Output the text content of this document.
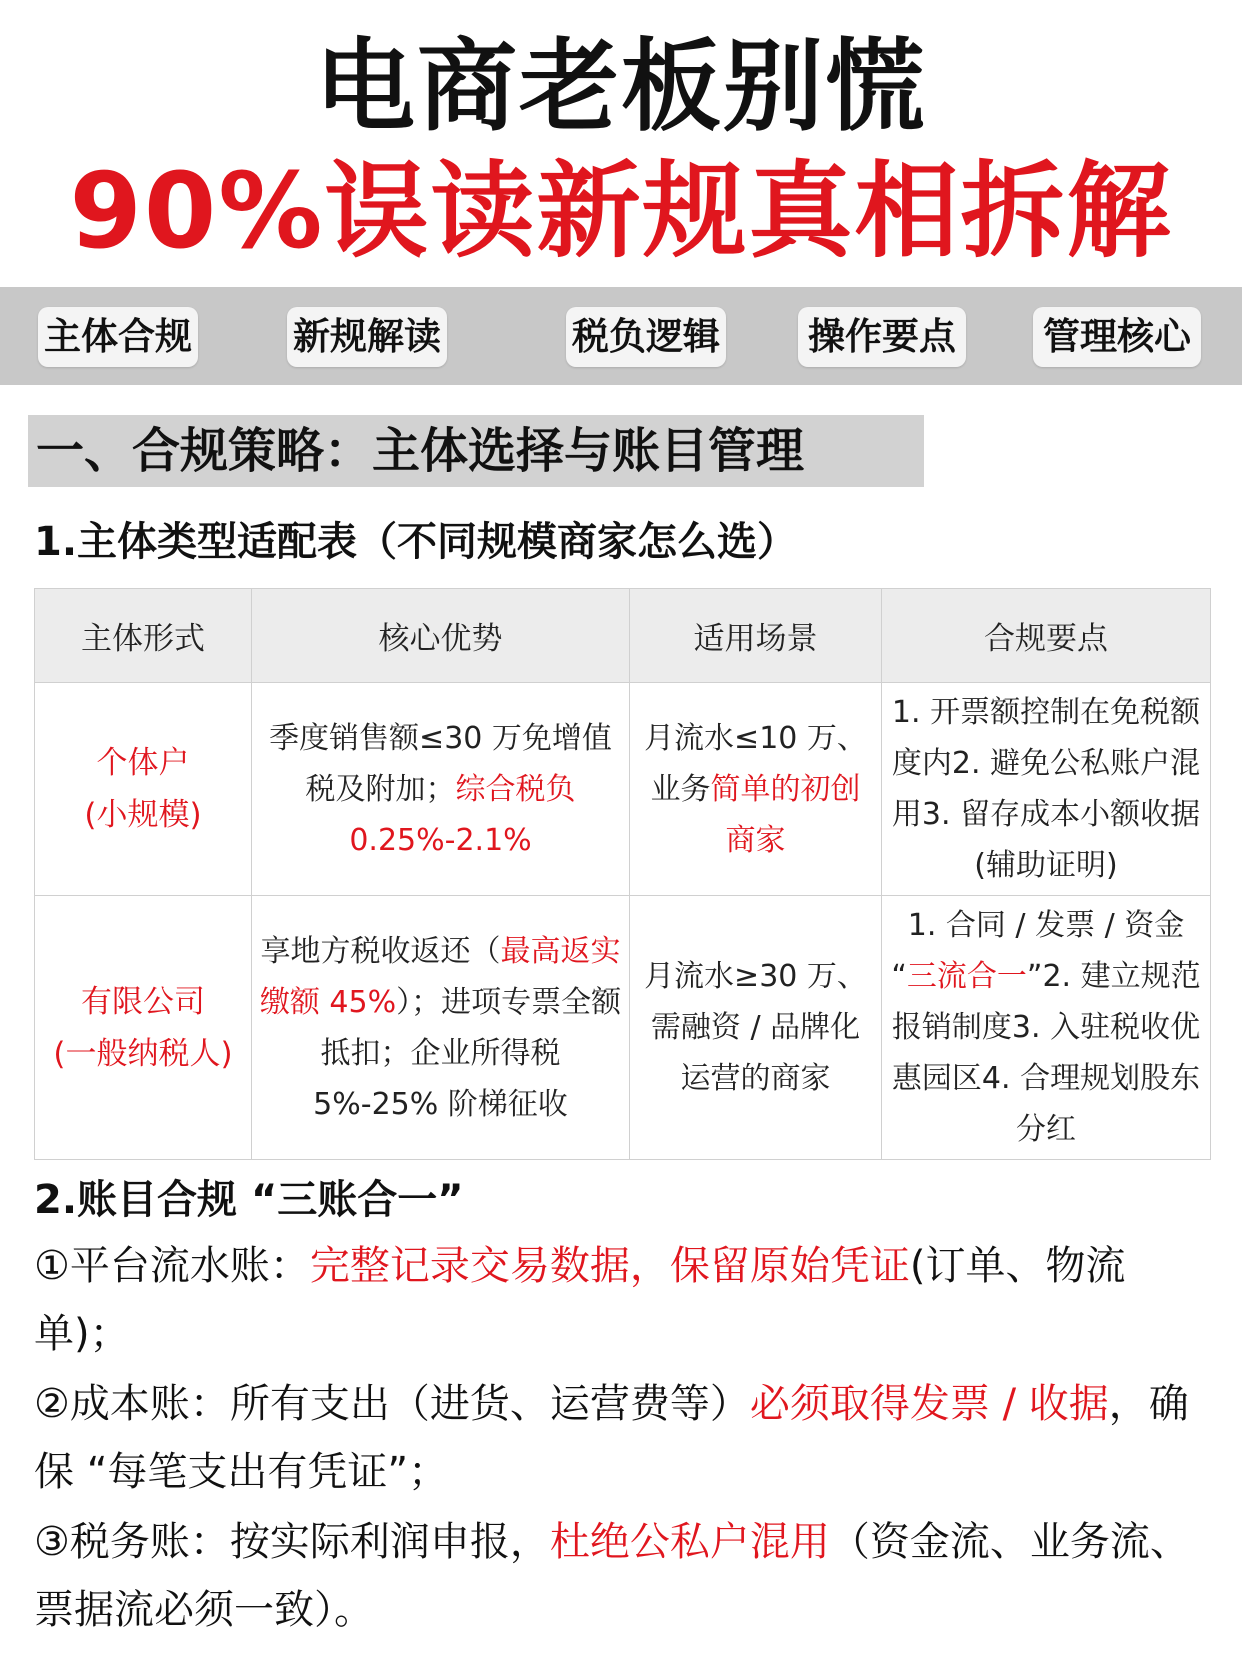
电商老板别慌
90%误读新规真相拆解
主体合规	新规解读	税负逻辑 操作要点 管理核心
一、合规策略：主体选择与账目管理
1.主体类型适配表（不同规模商家怎么选）
主体形式	核心优势	适用场景	合规要点

个体户
(小规模)	季度销售额≤30 万免增值税及附加；综合税负 0.25%-2.1%	月流水≤10 万、业务简单的初创商家	1. 开票额控制在免税额度内2. 避免公私账户混用3. 留存成本小额收据(辅助证明)

有限公司
(一般纳税人)	享地方税收返还（最高返实缴额 45%）；进项专票全额抵扣；企业所得税 5%-25% 阶梯征收	月流水≥30 万、需融资 / 品牌化运营的商家	1. 合同 / 发票 / 资金 “三流合一”2. 建立规范报销制度3. 入驻税收优惠园区4. 合理规划股东分红
2.账目合规 “三账合一”
①平台流水账：完整记录交易数据，保留原始凭证(订单、物流单)；
②成本账：所有支出（进货、运营费等）必须取得发票 / 收据，确保 “每笔支出有凭证”；
③税务账：按实际利润申报，杜绝公私户混用（资金流、业务流、票据流必须一致）。
